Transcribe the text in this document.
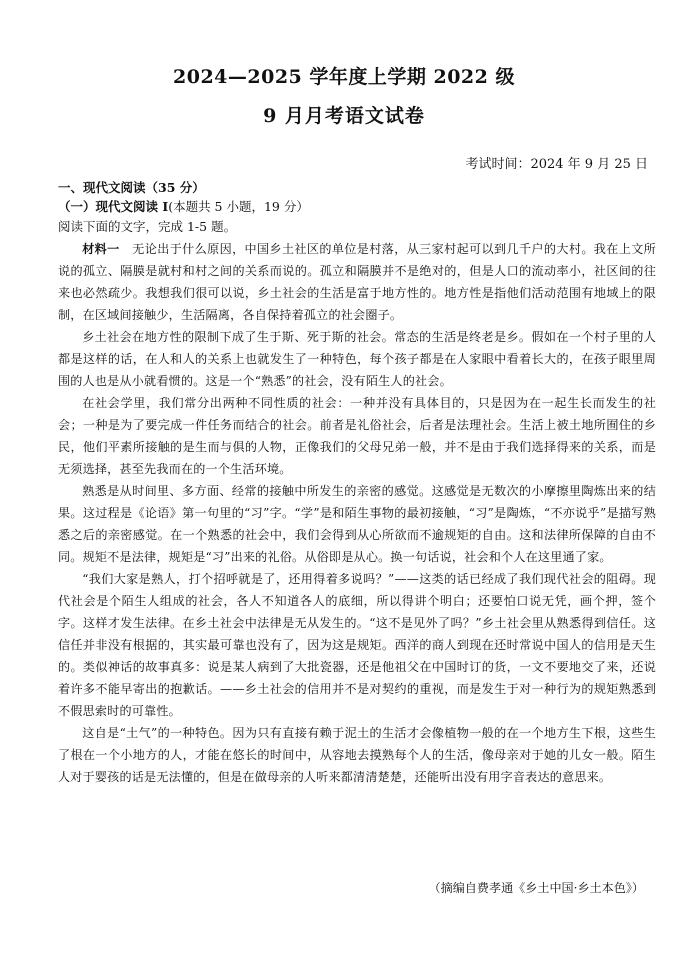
2024—2025 学年度上学期 2022 级
9 月月考语文试卷
考试时间：2024 年 9 月 25 日
一、现代文阅读（35 分）
（一）现代文阅读 I(本题共 5 小题，19 分）
阅读下面的文字，完成 1-5 题。

材料一 无论出于什么原因，中国乡土社区的单位是村落，从三家村起可以到几千户的大村。我在上文所说的孤立、隔膜是就村和村之间的关系而说的。孤立和隔膜并不是绝对的，但是人口的流动率小，社区间的往来也必然疏少。我想我们很可以说，乡土社会的生活是富于地方性的。地方性是指他们活动范围有地域上的限制，在区域间接触少，生活隔离，各自保持着孤立的社会圈子。

乡土社会在地方性的限制下成了生于斯、死于斯的社会。常态的生活是终老是乡。假如在一个村子里的人都是这样的话，在人和人的关系上也就发生了一种特色，每个孩子都是在人家眼中看着长大的，在孩子眼里周围的人也是从小就看惯的。这是一个“熟悉”的社会，没有陌生人的社会。

在社会学里，我们常分出两种不同性质的社会：一种并没有具体目的，只是因为在一起生长而发生的社会；一种是为了要完成一件任务而结合的社会。前者是礼俗社会，后者是法理社会。生活上被土地所囿住的乡民，他们平素所接触的是生而与俱的人物，正像我们的父母兄弟一般，并不是由于我们选择得来的关系，而是无须选择，甚至先我而在的一个生活环境。

熟悉是从时间里、多方面、经常的接触中所发生的亲密的感觉。这感觉是无数次的小摩擦里陶炼出来的结果。这过程是《论语》第一句里的“习”字。“学”是和陌生事物的最初接触，“习”是陶炼，“不亦说乎”是描写熟悉之后的亲密感觉。在一个熟悉的社会中，我们会得到从心所欲而不逾规矩的自由。这和法律所保障的自由不同。规矩不是法律，规矩是“习”出来的礼俗。从俗即是从心。换一句话说，社会和个人在这里通了家。

“我们大家是熟人，打个招呼就是了，还用得着多说吗？”——这类的话已经成了我们现代社会的阻碍。现代社会是个陌生人组成的社会，各人不知道各人的底细，所以得讲个明白；还要怕口说无凭，画个押，签个字。这样才发生法律。在乡土社会中法律是无从发生的。“这不是见外了吗？”乡土社会里从熟悉得到信任。这信任并非没有根据的，其实最可靠也没有了，因为这是规矩。西洋的商人到现在还时常说中国人的信用是天生的。类似神话的故事真多：说是某人病到了大批瓷器，还是他祖父在中国时订的货，一文不要地交了来，还说着许多不能早寄出的抱歉话。——乡土社会的信用并不是对契约的重视，而是发生于对一种行为的规矩熟悉到不假思索时的可靠性。

这自是“土气”的一种特色。因为只有直接有赖于泥土的生活才会像植物一般的在一个地方生下根，这些生了根在一个小地方的人，才能在悠长的时间中，从容地去摸熟每个人的生活，像母亲对于她的儿女一般。陌生人对于婴孩的话是无法懂的，但是在做母亲的人听来都清清楚楚，还能听出没有用字音表达的意思来。

（摘编自费孝通《乡土中国·乡土本色》）
